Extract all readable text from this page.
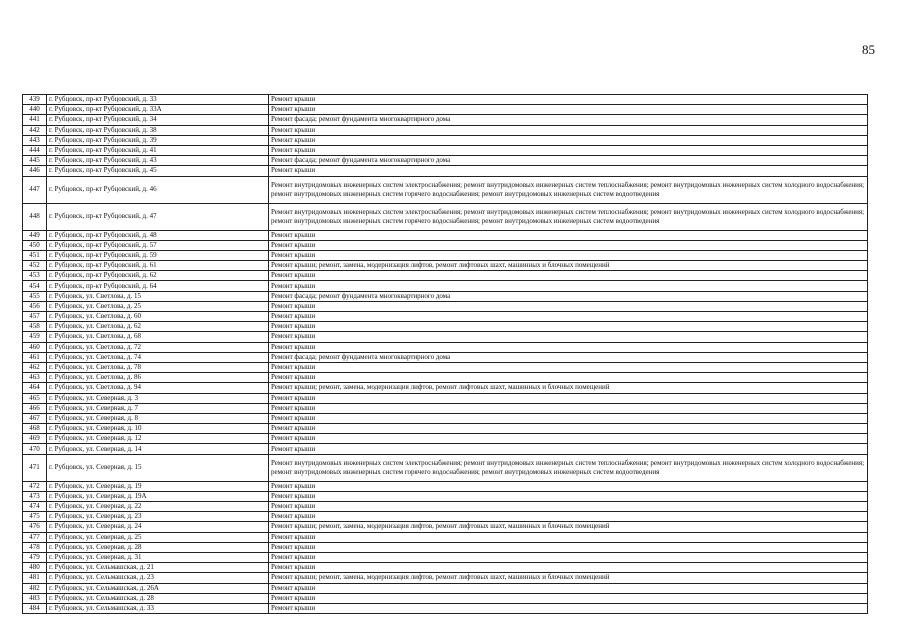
85
439	г. Рубцовск, пр-кт Рубцовский, д. 33	Ремонт крыши
440	г. Рубцовск, пр-кт Рубцовский, д. 33А	Ремонт крыши
441	г. Рубцовск, пр-кт Рубцовский, д. 34	Ремонт фасада; ремонт фундамента многоквартирного дома
442	г. Рубцовск, пр-кт Рубцовский, д. 38	Ремонт крыши
443	г. Рубцовск, пр-кт Рубцовский, д. 39	Ремонт крыши
444	г. Рубцовск, пр-кт Рубцовский, д. 41	Ремонт крыши
445	г. Рубцовск, пр-кт Рубцовский, д. 43	Ремонт фасада; ремонт фундамента многоквартирного дома
446	г. Рубцовск, пр-кт Рубцовский, д. 45	Ремонт крыши
447	г. Рубцовск, пр-кт Рубцовский, д. 46	Ремонт внутридомовых инженерных систем электроснабжения; ремонт внутридомовых инженерных систем теплоснабжения; ремонт внутридомовых инженерных систем холодного водоснабжения; ремонт внутридомовых инженерных систем горячего водоснабжения; ремонт внутридомовых инженерных систем водоотведения
448	г. Рубцовск, пр-кт Рубцовский, д. 47	Ремонт внутридомовых инженерных систем электроснабжения; ремонт внутридомовых инженерных систем теплоснабжения; ремонт внутридомовых инженерных систем холодного водоснабжения; ремонт внутридомовых инженерных систем горячего водоснабжения; ремонт внутридомовых инженерных систем водоотведения
449	г. Рубцовск, пр-кт Рубцовский, д. 48	Ремонт крыши
450	г. Рубцовск, пр-кт Рубцовский, д. 57	Ремонт крыши
451	г. Рубцовск, пр-кт Рубцовский, д. 59	Ремонт крыши
452	г. Рубцовск, пр-кт Рубцовский, д. 61	Ремонт крыши; ремонт, замена, модернизация лифтов, ремонт лифтовых шахт, машинных и блочных помещений
453	г. Рубцовск, пр-кт Рубцовский, д. 62	Ремонт крыши
454	г. Рубцовск, пр-кт Рубцовский, д. 64	Ремонт крыши
455	г. Рубцовск, ул. Светлова, д. 15	Ремонт фасада; ремонт фундамента многоквартирного дома
456	г. Рубцовск, ул. Светлова, д. 25	Ремонт крыши
457	г. Рубцовск, ул. Светлова, д. 60	Ремонт крыши
458	г. Рубцовск, ул. Светлова, д. 62	Ремонт крыши
459	г. Рубцовск, ул. Светлова, д. 68	Ремонт крыши
460	г. Рубцовск, ул. Светлова, д. 72	Ремонт крыши
461	г. Рубцовск, ул. Светлова, д. 74	Ремонт фасада; ремонт фундамента многоквартирного дома
462	г. Рубцовск, ул. Светлова, д. 78	Ремонт крыши
463	г. Рубцовск, ул. Светлова, д. 86	Ремонт крыши
464	г. Рубцовск, ул. Светлова, д. 94	Ремонт крыши; ремонт, замена, модернизация лифтов, ремонт лифтовых шахт, машинных и блочных помещений
465	г. Рубцовск, ул. Северная, д. 3	Ремонт крыши
466	г. Рубцовск, ул. Северная, д. 7	Ремонт крыши
467	г. Рубцовск, ул. Северная, д. 8	Ремонт крыши
468	г. Рубцовск, ул. Северная, д. 10	Ремонт крыши
469	г. Рубцовск, ул. Северная, д. 12	Ремонт крыши
470	г. Рубцовск, ул. Северная, д. 14	Ремонт крыши
471	г. Рубцовск, ул. Северная, д. 15	Ремонт внутридомовых инженерных систем электроснабжения; ремонт внутридомовых инженерных систем теплоснабжения; ремонт внутридомовых инженерных систем холодного водоснабжения; ремонт внутридомовых инженерных систем горячего водоснабжения; ремонт внутридомовых инженерных систем водоотведения
472	г. Рубцовск, ул. Северная, д. 19	Ремонт крыши
473	г. Рубцовск, ул. Северная, д. 19А	Ремонт крыши
474	г. Рубцовск, ул. Северная, д. 22	Ремонт крыши
475	г. Рубцовск, ул. Северная, д. 23	Ремонт крыши
476	г. Рубцовск, ул. Северная, д. 24	Ремонт крыши; ремонт, замена, модернизация лифтов, ремонт лифтовых шахт, машинных и блочных помещений
477	г. Рубцовск, ул. Северная, д. 25	Ремонт крыши
478	г. Рубцовск, ул. Северная, д. 28	Ремонт крыши
479	г. Рубцовск, ул. Северная, д. 31	Ремонт крыши
480	г. Рубцовск, ул. Сельмашская, д. 21	Ремонт крыши
481	г. Рубцовск, ул. Сельмашская, д. 23	Ремонт крыши; ремонт, замена, модернизация лифтов, ремонт лифтовых шахт, машинных и блочных помещений
482	г. Рубцовск, ул. Сельмашская, д. 26А	Ремонт крыши
483	г. Рубцовск, ул. Сельмашская, д. 28	Ремонт крыши
484	г. Рубцовск, ул. Сельмашская, д. 33	Ремонт крыши
